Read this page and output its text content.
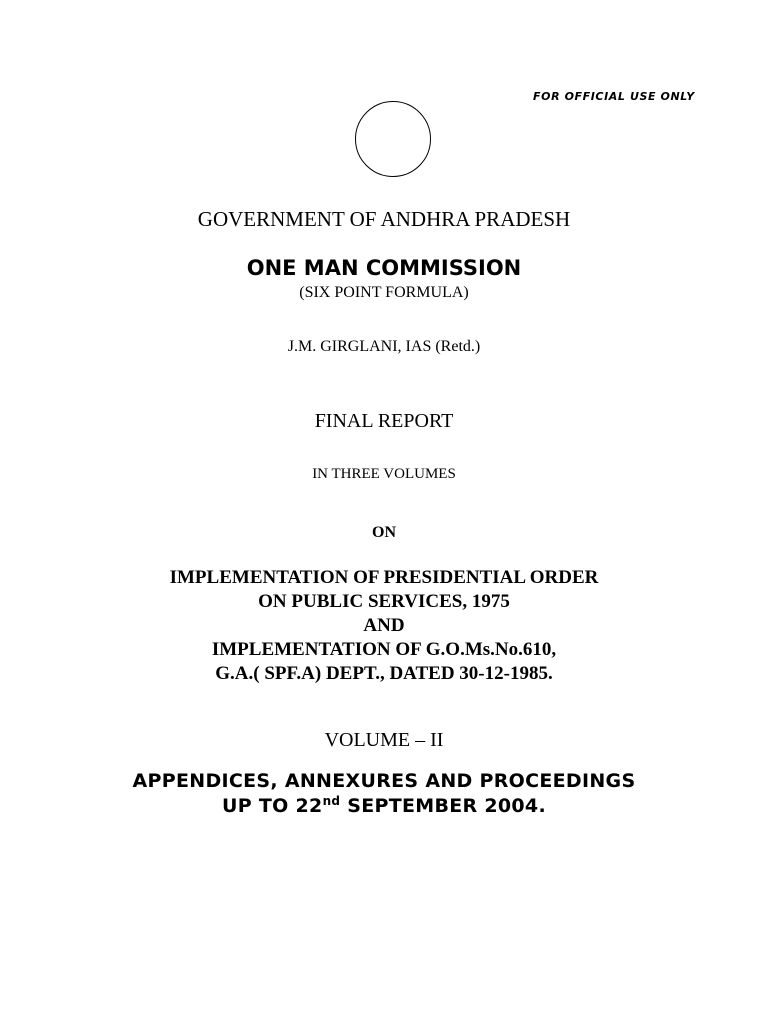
FOR OFFICIAL USE ONLY
GOVERNMENT OF ANDHRA PRADESH
ONE MAN COMMISSION
(SIX POINT FORMULA)
J.M. GIRGLANI, IAS (Retd.)
FINAL REPORT
IN THREE VOLUMES
ON
IMPLEMENTATION OF PRESIDENTIAL ORDER
ON PUBLIC SERVICES, 1975
AND
IMPLEMENTATION OF G.O.Ms.No.610,
G.A.( SPF.A) DEPT., DATED 30-12-1985.
VOLUME – II
APPENDICES, ANNEXURES AND PROCEEDINGS
UP TO 22nd SEPTEMBER 2004.
